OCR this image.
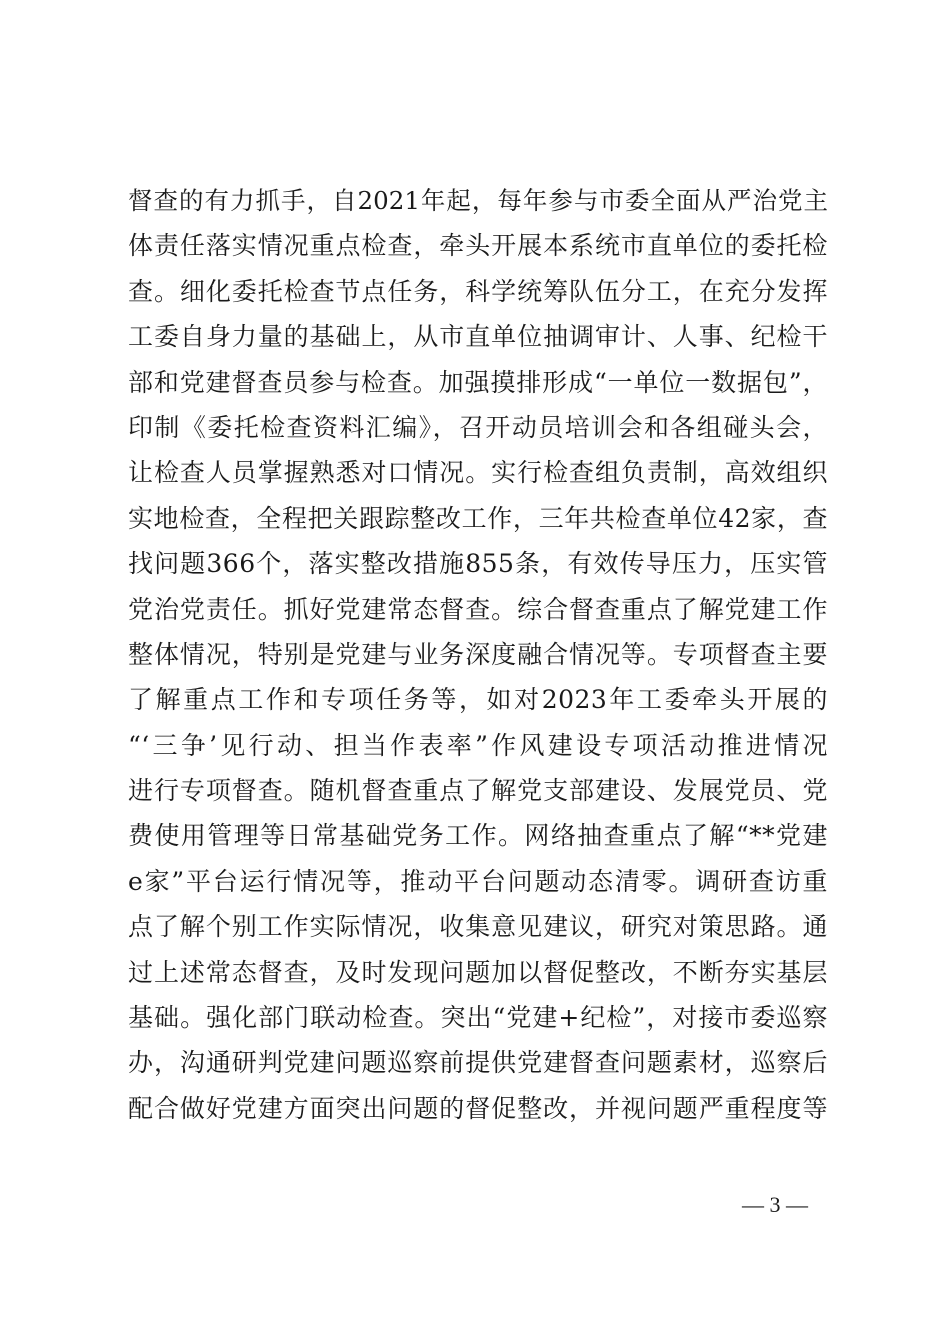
督查的有力抓手，自2021年起，每年参与市委全面从严治党主
体责任落实情况重点检查，牵头开展本系统市直单位的委托检
查。细化委托检查节点任务，科学统筹队伍分工，在充分发挥
工委自身力量的基础上，从市直单位抽调审计、人事、纪检干
部和党建督查员参与检查。加强摸排形成“一单位一数据包”，
印制《委托检查资料汇编》，召开动员培训会和各组碰头会，
让检查人员掌握熟悉对口情况。实行检查组负责制，高效组织
实地检查，全程把关跟踪整改工作，三年共检查单位42家，查
找问题366个，落实整改措施855条，有效传导压力，压实管
党治党责任。抓好党建常态督查。综合督查重点了解党建工作
整体情况，特别是党建与业务深度融合情况等。专项督查主要
了解重点工作和专项任务等，如对2023年工委牵头开展的
“‘三争’见行动、担当作表率”作风建设专项活动推进情况
进行专项督查。随机督查重点了解党支部建设、发展党员、党
费使用管理等日常基础党务工作。网络抽查重点了解“**党建
e家”平台运行情况等，推动平台问题动态清零。调研查访重
点了解个别工作实际情况，收集意见建议，研究对策思路。通
过上述常态督查，及时发现问题加以督促整改，不断夯实基层
基础。强化部门联动检查。突出“党建+纪检”，对接市委巡察
办，沟通研判党建问题巡察前提供党建督查问题素材，巡察后
配合做好党建方面突出问题的督促整改，并视问题严重程度等
— 3 —
